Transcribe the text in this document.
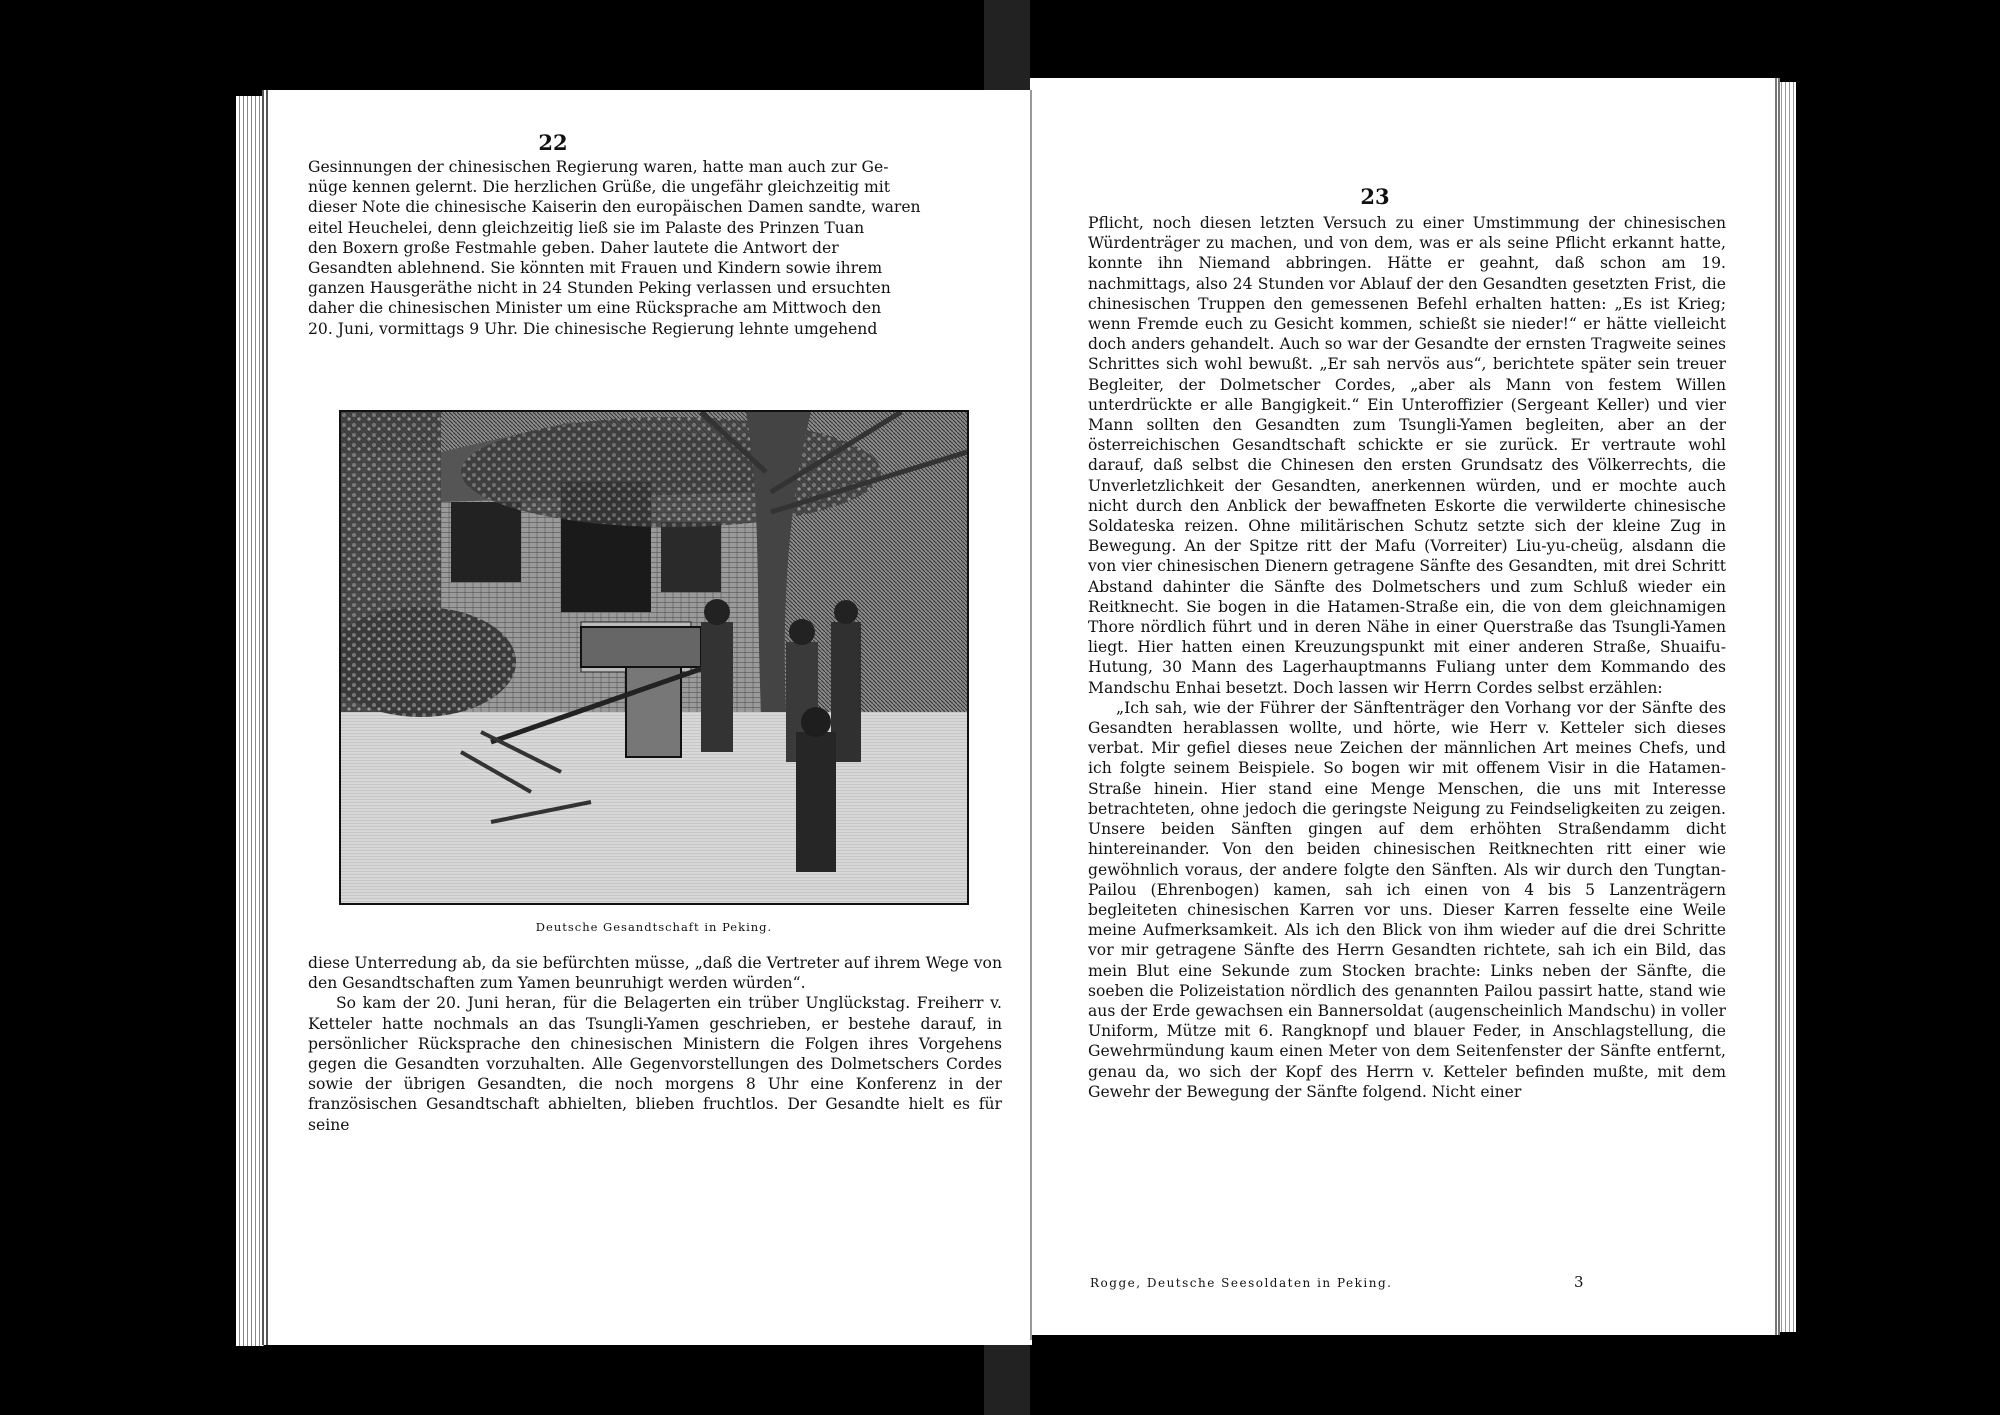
22

Gesinnungen der chinesischen Regierung waren, hatte man auch zur Ge-

nüge kennen gelernt. Die herzlichen Grüße, die ungefähr gleichzeitig mit

dieser Note die chinesische Kaiserin den europäischen Damen sandte, waren

eitel Heuchelei, denn gleichzeitig ließ sie im Palaste des Prinzen Tuan

den Boxern große Festmahle geben. Daher lautete die Antwort der

Gesandten ablehnend. Sie könnten mit Frauen und Kindern sowie ihrem

ganzen Hausgeräthe nicht in 24 Stunden Peking verlassen und ersuchten

daher die chinesischen Minister um eine Rücksprache am Mittwoch den

20. Juni, vormittags 9 Uhr. Die chinesische Regierung lehnte umgehend

Deutsche Gesandtschaft in Peking.

diese Unterredung ab, da sie befürchten müsse, „daß die Vertreter auf ihrem Wege von den Gesandtschaften zum Yamen beunruhigt werden würden“.

So kam der 20. Juni heran, für die Belagerten ein trüber Unglückstag. Freiherr v. Ketteler hatte nochmals an das Tsungli-Yamen geschrieben, er bestehe darauf, in persönlicher Rücksprache den chinesischen Ministern die Folgen ihres Vorgehens gegen die Gesandten vorzuhalten. Alle Gegenvorstellungen des Dolmetschers Cordes sowie der übrigen Gesandten, die noch morgens 8 Uhr eine Konferenz in der französischen Gesandtschaft abhielten, blieben fruchtlos. Der Gesandte hielt es für seine

23

Pflicht, noch diesen letzten Versuch zu einer Umstimmung der chinesischen Würdenträger zu machen, und von dem, was er als seine Pflicht erkannt hatte, konnte ihn Niemand abbringen. Hätte er geahnt, daß schon am 19. nachmittags, also 24 Stunden vor Ablauf der den Gesandten gesetzten Frist, die chinesischen Truppen den gemessenen Befehl erhalten hatten: „Es ist Krieg; wenn Fremde euch zu Gesicht kommen, schießt sie nieder!“ er hätte vielleicht doch anders gehandelt. Auch so war der Gesandte der ernsten Tragweite seines Schrittes sich wohl bewußt. „Er sah nervös aus“, berichtete später sein treuer Begleiter, der Dolmetscher Cordes, „aber als Mann von festem Willen unterdrückte er alle Bangigkeit.“ Ein Unteroffizier (Sergeant Keller) und vier Mann sollten den Gesandten zum Tsungli-Yamen begleiten, aber an der österreichischen Gesandtschaft schickte er sie zurück. Er vertraute wohl darauf, daß selbst die Chinesen den ersten Grundsatz des Völkerrechts, die Unverletzlichkeit der Gesandten, anerkennen würden, und er mochte auch nicht durch den Anblick der bewaffneten Eskorte die verwilderte chinesische Soldateska reizen. Ohne militärischen Schutz setzte sich der kleine Zug in Bewegung. An der Spitze ritt der Mafu (Vorreiter) Liu-yu-cheüg, alsdann die von vier chinesischen Dienern getragene Sänfte des Gesandten, mit drei Schritt Abstand dahinter die Sänfte des Dolmetschers und zum Schluß wieder ein Reitknecht. Sie bogen in die Hatamen-Straße ein, die von dem gleichnamigen Thore nördlich führt und in deren Nähe in einer Querstraße das Tsungli-Yamen liegt. Hier hatten einen Kreuzungspunkt mit einer anderen Straße, Shuaifu-Hutung, 30 Mann des Lagerhauptmanns Fuliang unter dem Kommando des Mandschu Enhai besetzt. Doch lassen wir Herrn Cordes selbst erzählen:

„Ich sah, wie der Führer der Sänftenträger den Vorhang vor der Sänfte des Gesandten herablassen wollte, und hörte, wie Herr v. Ketteler sich dieses verbat. Mir gefiel dieses neue Zeichen der männlichen Art meines Chefs, und ich folgte seinem Beispiele. So bogen wir mit offenem Visir in die Hatamen-Straße hinein. Hier stand eine Menge Menschen, die uns mit Interesse betrachteten, ohne jedoch die geringste Neigung zu Feindseligkeiten zu zeigen. Unsere beiden Sänften gingen auf dem erhöhten Straßendamm dicht hintereinander. Von den beiden chinesischen Reitknechten ritt einer wie gewöhnlich voraus, der andere folgte den Sänften. Als wir durch den Tungtan-Pailou (Ehrenbogen) kamen, sah ich einen von 4 bis 5 Lanzenträgern begleiteten chinesischen Karren vor uns. Dieser Karren fesselte eine Weile meine Aufmerksamkeit. Als ich den Blick von ihm wieder auf die drei Schritte vor mir getragene Sänfte des Herrn Gesandten richtete, sah ich ein Bild, das mein Blut eine Sekunde zum Stocken brachte: Links neben der Sänfte, die soeben die Polizeistation nördlich des genannten Pailou passirt hatte, stand wie aus der Erde gewachsen ein Bannersoldat (augenscheinlich Mandschu) in voller Uniform, Mütze mit 6. Rangknopf und blauer Feder, in Anschlagstellung, die Gewehrmündung kaum einen Meter von dem Seitenfenster der Sänfte entfernt, genau da, wo sich der Kopf des Herrn v. Ketteler befinden mußte, mit dem Gewehr der Bewegung der Sänfte folgend. Nicht einer

Rogge, Deutsche Seesoldaten in Peking.	3
